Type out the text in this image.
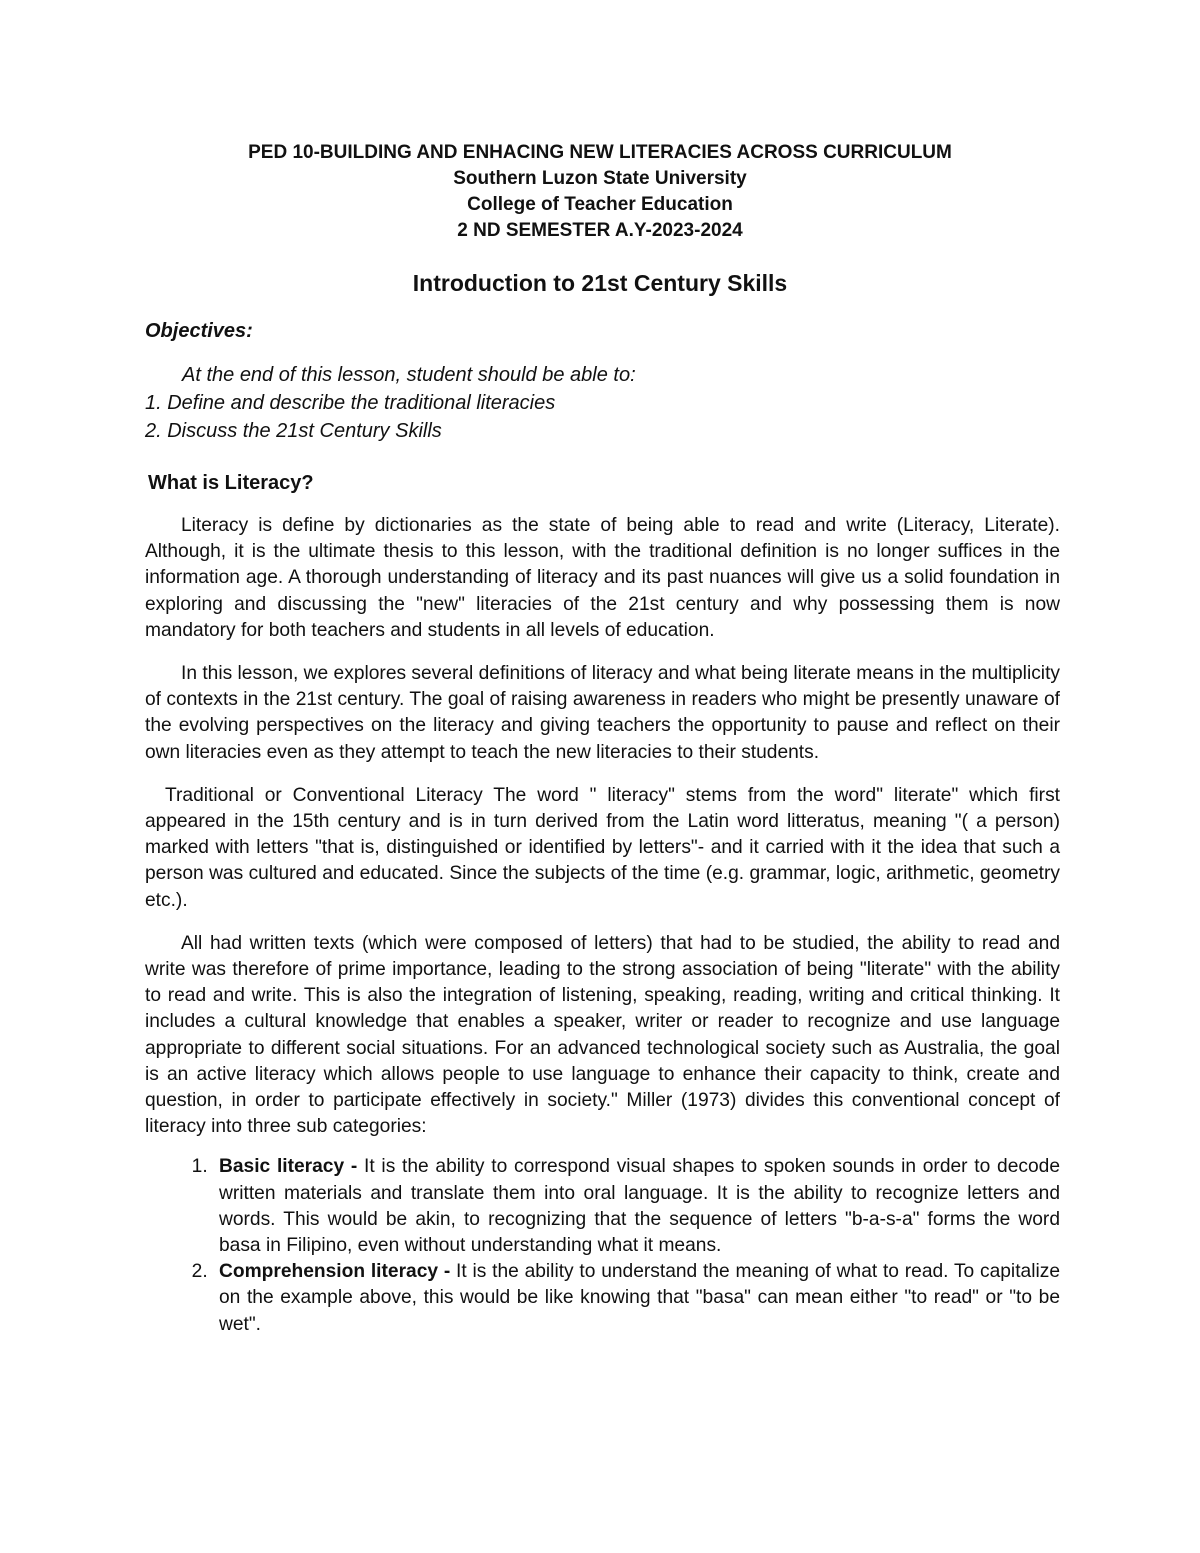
PED 10-BUILDING AND ENHACING NEW LITERACIES ACROSS CURRICULUM
Southern Luzon State University
College of Teacher Education
2 ND SEMESTER A.Y-2023-2024
Introduction to 21st Century Skills
Objectives:
At the end of this lesson, student should be able to:
1. Define and describe the traditional literacies
2. Discuss the 21st Century Skills
What is Literacy?

Literacy is define by dictionaries as the state of being able to read and write (Literacy, Literate). Although, it is the ultimate thesis to this lesson, with the traditional definition is no longer suffices in the information age. A thorough understanding of literacy and its past nuances will give us a solid foundation in exploring and discussing the "new" literacies of the 21st century and why possessing them is now mandatory for both teachers and students in all levels of education.

In this lesson, we explores several definitions of literacy and what being literate means in the multiplicity of contexts in the 21st century. The goal of raising awareness in readers who might be presently unaware of the evolving perspectives on the literacy and giving teachers the opportunity to pause and reflect on their own literacies even as they attempt to teach the new literacies to their students.

Traditional or Conventional Literacy The word " literacy" stems from the word" literate" which first appeared in the 15th century and is in turn derived from the Latin word litteratus, meaning "( a person) marked with letters "that is, distinguished or identified by letters"- and it carried with it the idea that such a person was cultured and educated. Since the subjects of the time (e.g. grammar, logic, arithmetic, geometry etc.).

All had written texts (which were composed of letters) that had to be studied, the ability to read and write was therefore of prime importance, leading to the strong association of being "literate" with the ability to read and write. This is also the integration of listening, speaking, reading, writing and critical thinking. It includes a cultural knowledge that enables a speaker, writer or reader to recognize and use language appropriate to different social situations. For an advanced technological society such as Australia, the goal is an active literacy which allows people to use language to enhance their capacity to think, create and question, in order to participate effectively in society." Miller (1973) divides this conventional concept of literacy into three sub categories:

1. Basic literacy - It is the ability to correspond visual shapes to spoken sounds in order to decode written materials and translate them into oral language. It is the ability to recognize letters and words. This would be akin, to recognizing that the sequence of letters "b-a-s-a" forms the word basa in Filipino, even without understanding what it means.
2. Comprehension literacy - It is the ability to understand the meaning of what to read. To capitalize on the example above, this would be like knowing that "basa" can mean either "to read" or "to be wet".
